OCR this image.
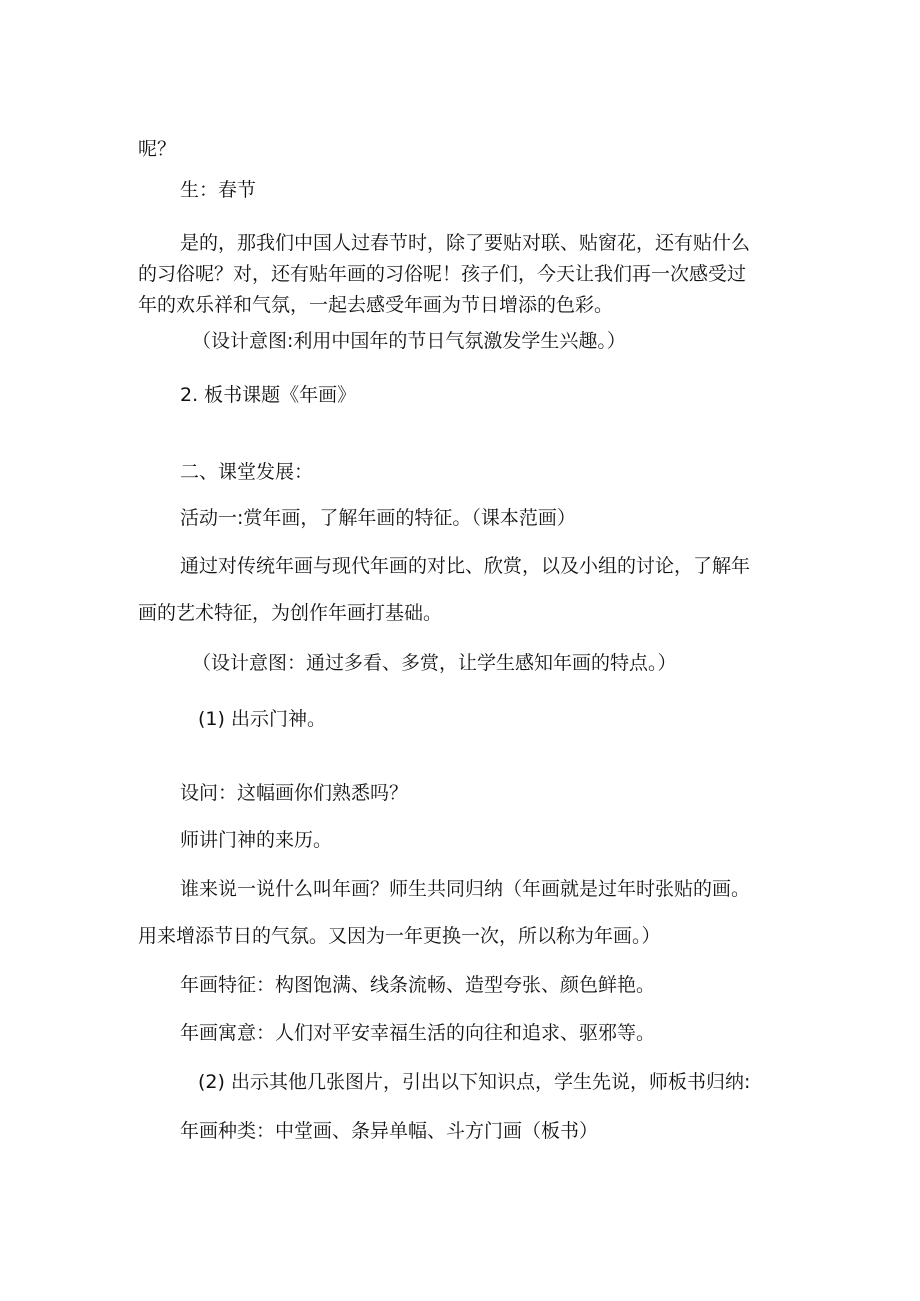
呢？
生：春节
是的，那我们中国人过春节时，除了要贴对联、贴窗花，还有贴什么
的习俗呢？对，还有贴年画的习俗呢！孩子们，今天让我们再一次感受过
年的欢乐祥和气氛，一起去感受年画为节日增添的色彩。
（设计意图:利用中国年的节日气氛激发学生兴趣。）
2. 板书课题《年画》
二、课堂发展：
活动一:赏年画，了解年画的特征。（课本范画）
通过对传统年画与现代年画的对比、欣赏，以及小组的讨论，了解年
画的艺术特征，为创作年画打基础。
（设计意图：通过多看、多赏，让学生感知年画的特点。）
(1) 出示门神。
设问：这幅画你们熟悉吗？
师讲门神的来历。
谁来说一说什么叫年画？师生共同归纳（年画就是过年时张贴的画。
用来增添节日的气氛。又因为一年更换一次，所以称为年画。）
年画特征：构图饱满、线条流畅、造型夸张、颜色鲜艳。
年画寓意：人们对平安幸福生活的向往和追求、驱邪等。
(2) 出示其他几张图片，引出以下知识点，学生先说，师板书归纳:
年画种类：中堂画、条异单幅、斗方门画（板书）
